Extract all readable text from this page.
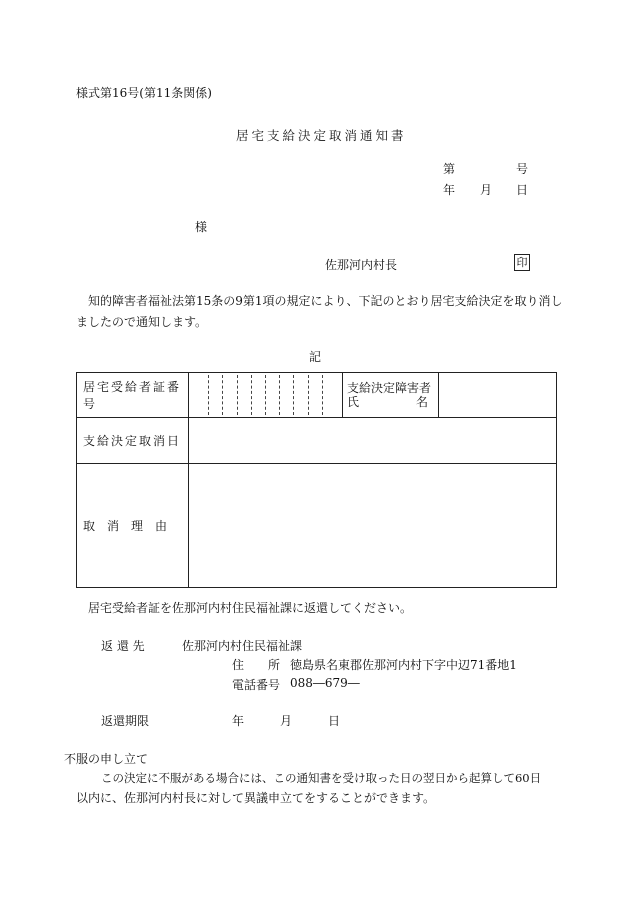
様式第16号(第11条関係)
居宅支給決定取消通知書
第	号
年 月 日
様
佐那河内村長	印
知的障害者福祉法第15条の9第1項の規定により、下記のとおり居宅支給決定を取り消し
ましたので通知します。
記
居宅受給者証番号		支給決定障害者
氏 名	

支給決定取消日			
取　消　理　由			
居宅受給者証を佐那河内村住民福祉課に返還してください。
返 還 先	佐那河内村住民福祉課
住　　所 徳島県名東郡佐那河内村下字中辺71番地1
電話番号 088―679―
返還期限	年	月	日
不服の申し立て
この決定に不服がある場合には、この通知書を受け取った日の翌日から起算して60日
以内に、佐那河内村長に対して異議申立てをすることができます。
